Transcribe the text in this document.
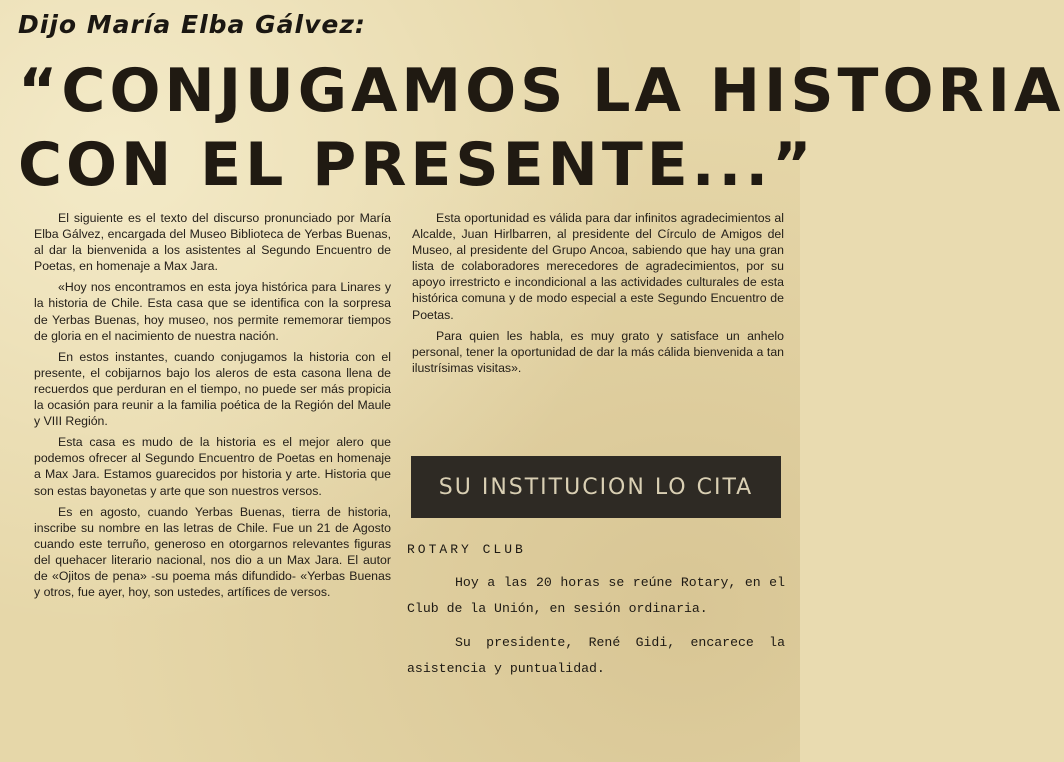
Dijo María Elba Gálvez:
“CONJUGAMOS LA HISTORIA
CON EL PRESENTE...”

El siguiente es el texto del discurso pronunciado por María Elba Gálvez, encargada del Museo Biblioteca de Yerbas Buenas, al dar la bienvenida a los asistentes al Segundo Encuentro de Poetas, en homenaje a Max Jara.

«Hoy nos encontramos en esta joya histórica para Linares y la historia de Chile. Esta casa que se identifica con la sorpresa de Yerbas Buenas, hoy museo, nos permite rememorar tiempos de gloria en el nacimiento de nuestra nación.

En estos instantes, cuando conjugamos la historia con el presente, el cobijarnos bajo los aleros de esta casona llena de recuerdos que perduran en el tiempo, no puede ser más propicia la ocasión para reunir a la familia poética de la Región del Maule y VIII Región.

Esta casa es mudo de la historia es el mejor alero que podemos ofrecer al Segundo Encuentro de Poetas en homenaje a Max Jara. Estamos guarecidos por historia y arte. Historia que son estas bayonetas y arte que son nuestros versos.

Es en agosto, cuando Yerbas Buenas, tierra de historia, inscribe su nombre en las letras de Chile. Fue un 21 de Agosto cuando este terruño, generoso en otorgarnos relevantes figuras del quehacer literario nacional, nos dio a un Max Jara. El autor de «Ojitos de pena» -su poema más difundido- «Yerbas Buenas y otros, fue ayer, hoy, son ustedes, artífices de versos.

Esta oportunidad es válida para dar infinitos agradecimientos al Alcalde, Juan Hirlbarren, al presidente del Círculo de Amigos del Museo, al presidente del Grupo Ancoa, sabiendo que hay una gran lista de colaboradores merecedores de agradecimientos, por su apoyo irrestricto e incondicional a las actividades culturales de esta histórica comuna y de modo especial a este Segundo Encuentro de Poetas.

Para quien les habla, es muy grato y satisface un anhelo personal, tener la oportunidad de dar la más cálida bienvenida a tan ilustrísimas visitas».

SU INSTITUCION LO CITA
ROTARY CLUB

Hoy a las 20 horas se reúne Rotary, en el Club de la Unión, en sesión ordinaria.

Su presidente, René Gidi, encarece la asistencia y puntualidad.
